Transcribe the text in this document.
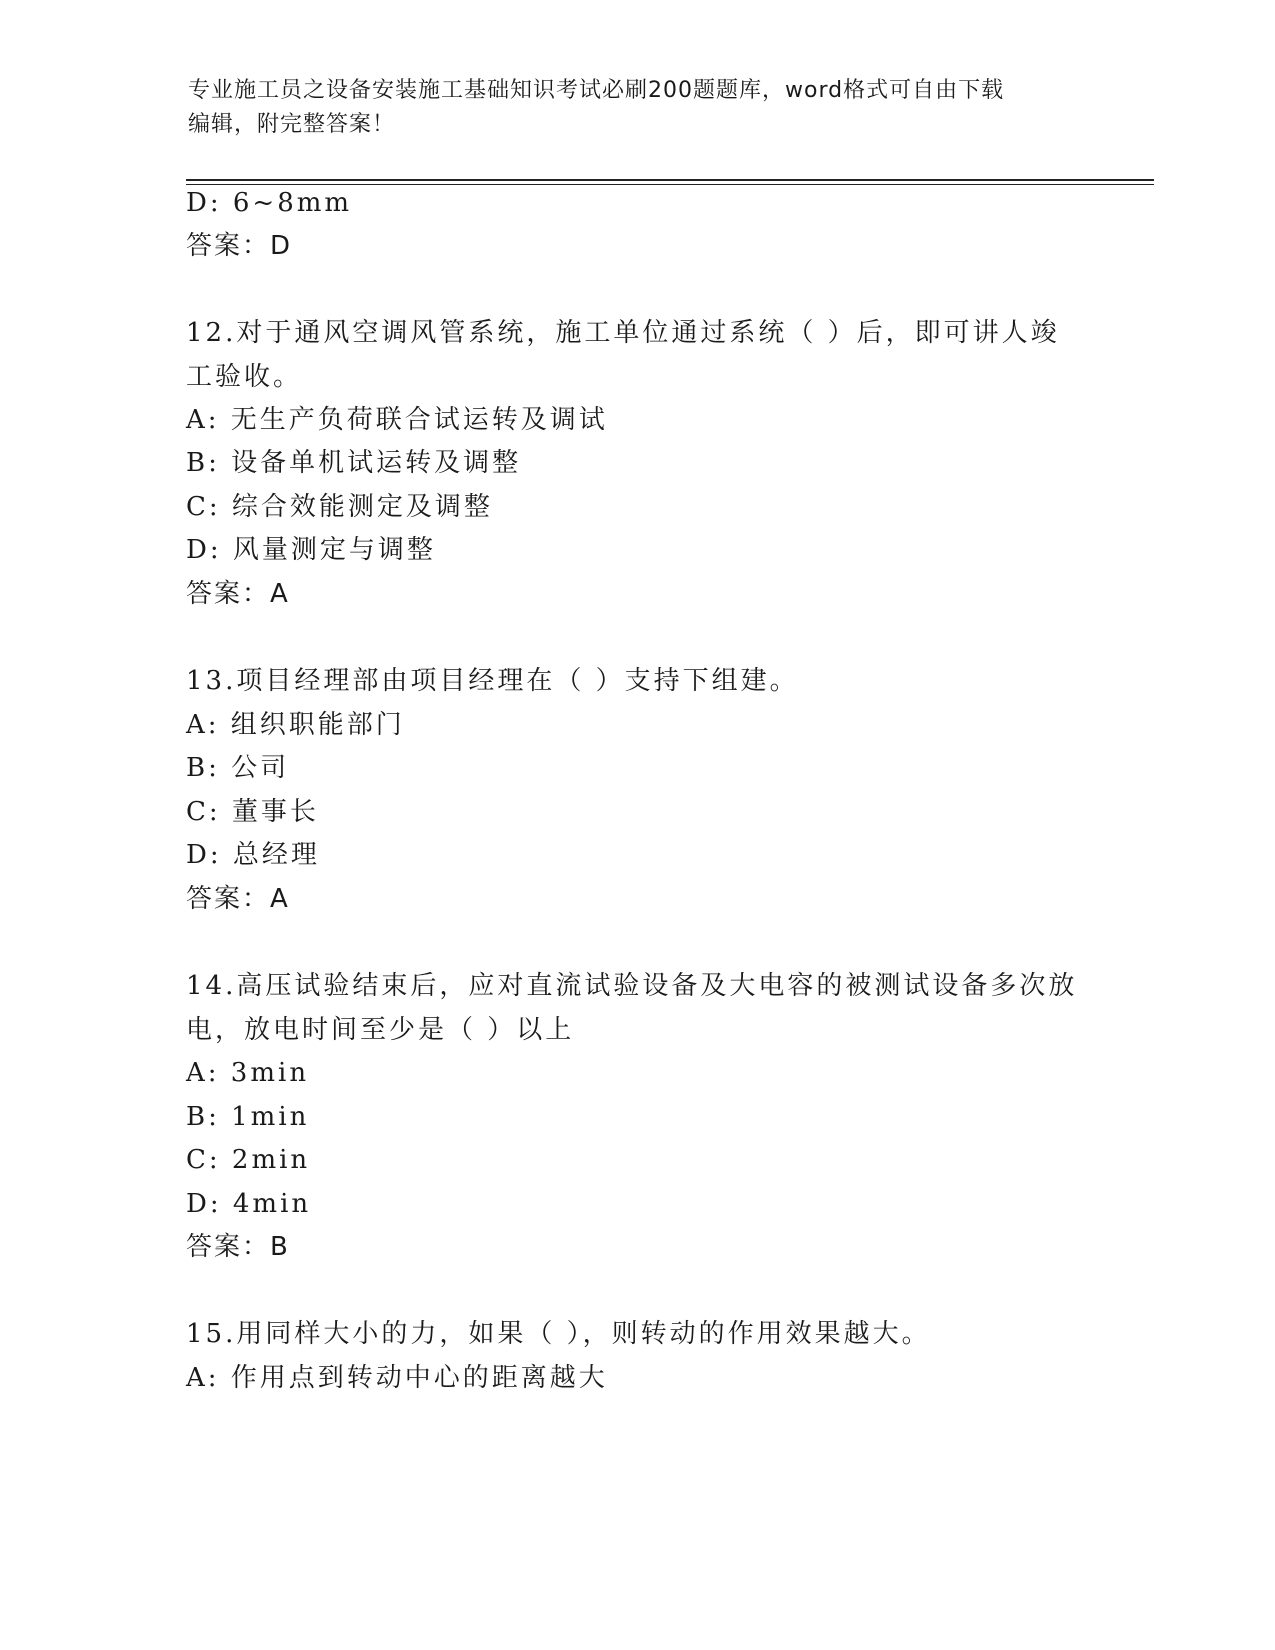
专业施工员之设备安装施工基础知识考试必刷200题题库，word格式可自由下载
编辑，附完整答案！
D: 6~8mm
答案：D
12.对于通风空调风管系统，施工单位通过系统（ ）后，即可讲人竣
工验收。
A: 无生产负荷联合试运转及调试
B: 设备单机试运转及调整
C: 综合效能测定及调整
D: 风量测定与调整
答案：A
13.项目经理部由项目经理在（ ）支持下组建。
A: 组织职能部门
B: 公司
C: 董事长
D: 总经理
答案：A
14.高压试验结束后，应对直流试验设备及大电容的被测试设备多次放
电，放电时间至少是（ ）以上
A: 3min
B: 1min
C: 2min
D: 4min
答案：B
15.用同样大小的力，如果（ ），则转动的作用效果越大。
A: 作用点到转动中心的距离越大
